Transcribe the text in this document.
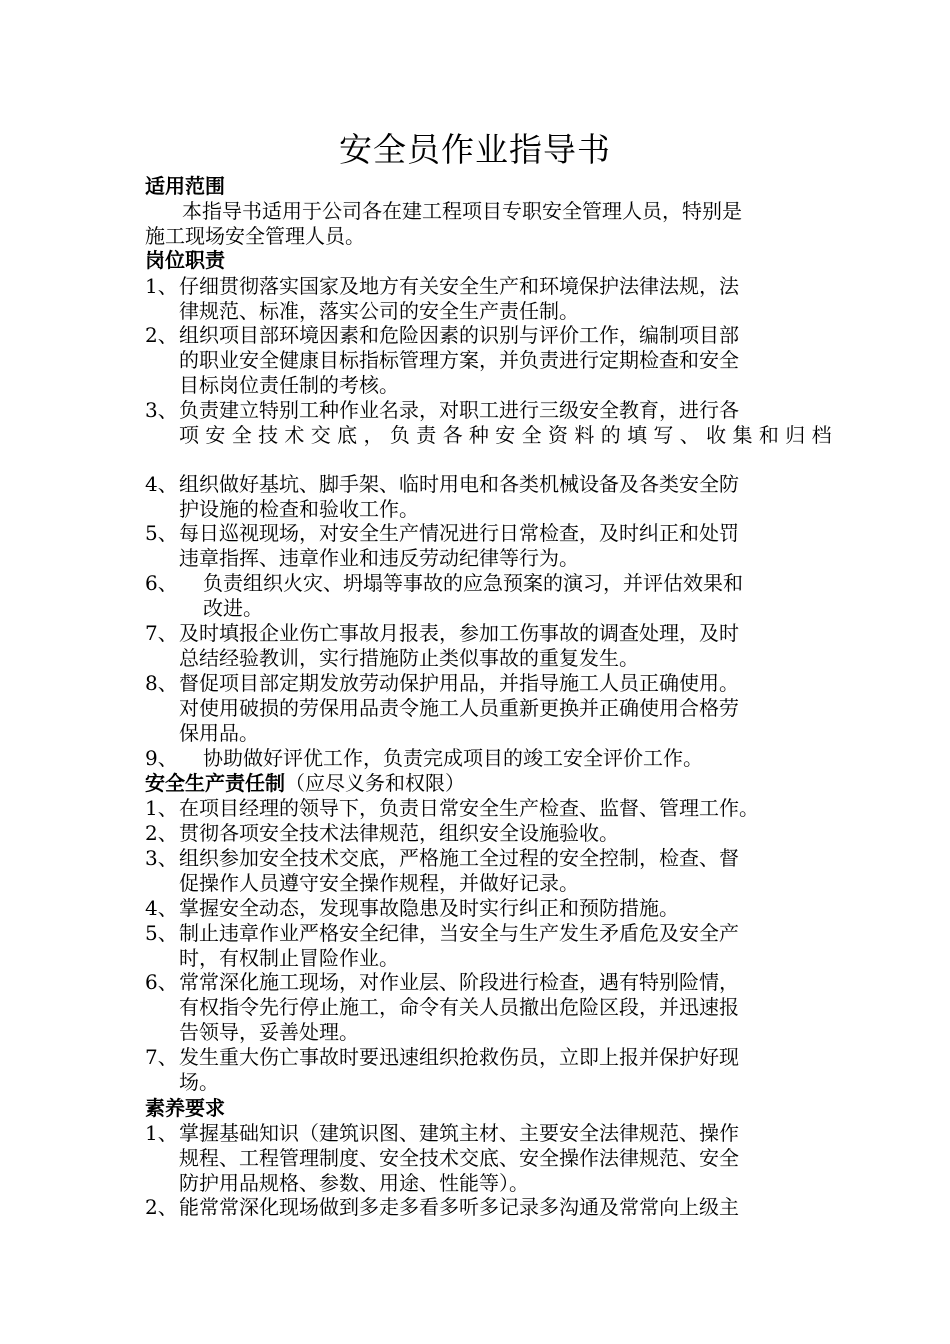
安全员作业指导书
适用范围
本指导书适用于公司各在建工程项目专职安全管理人员，特别是
施工现场安全管理人员。
岗位职责
1、 仔细贯彻落实国家及地方有关安全生产和环境保护法律法规，法
律规范、标准，落实公司的安全生产责任制。
2、 组织项目部环境因素和危险因素的识别与评价工作，编制项目部
的职业安全健康目标指标管理方案，并负责进行定期检查和安全
目标岗位责任制的考核。
3、 负责建立特别工种作业名录，对职工进行三级安全教育，进行各
项 安 全 技 术 交 底 ， 负 责 各 种 安 全 资 料 的 填 写 、 收 集 和 归 档
4、 组织做好基坑、脚手架、临时用电和各类机械设备及各类安全防
护设施的检查和验收工作。
5、 每日巡视现场，对安全生产情况进行日常检查，及时纠正和处罚
违章指挥、违章作业和违反劳动纪律等行为。
6、 负责组织火灾、坍塌等事故的应急预案的演习，并评估效果和
改进。
7、 及时填报企业伤亡事故月报表，参加工伤事故的调查处理，及时
总结经验教训，实行措施防止类似事故的重复发生。
8、 督促项目部定期发放劳动保护用品，并指导施工人员正确使用。
对使用破损的劳保用品责令施工人员重新更换并正确使用合格劳
保用品。
9、 协助做好评优工作，负责完成项目的竣工安全评价工作。
安全生产责任制（应尽义务和权限）
1、 在项目经理的领导下，负责日常安全生产检查、监督、管理工作。
2、 贯彻各项安全技术法律规范，组织安全设施验收。
3、 组织参加安全技术交底，严格施工全过程的安全控制，检查、督
促操作人员遵守安全操作规程，并做好记录。
4、 掌握安全动态，发现事故隐患及时实行纠正和预防措施。
5、 制止违章作业严格安全纪律，当安全与生产发生矛盾危及安全产
时，有权制止冒险作业。
6、 常常深化施工现场，对作业层、阶段进行检查，遇有特别险情，
有权指令先行停止施工，命令有关人员撤出危险区段，并迅速报
告领导，妥善处理。
7、 发生重大伤亡事故时要迅速组织抢救伤员，立即上报并保护好现
场。
素养要求
1、 掌握基础知识（建筑识图、建筑主材、主要安全法律规范、操作
规程、工程管理制度、安全技术交底、安全操作法律规范、安全
防护用品规格、参数、用途、性能等）。
2、 能常常深化现场做到多走多看多听多记录多沟通及常常向上级主
